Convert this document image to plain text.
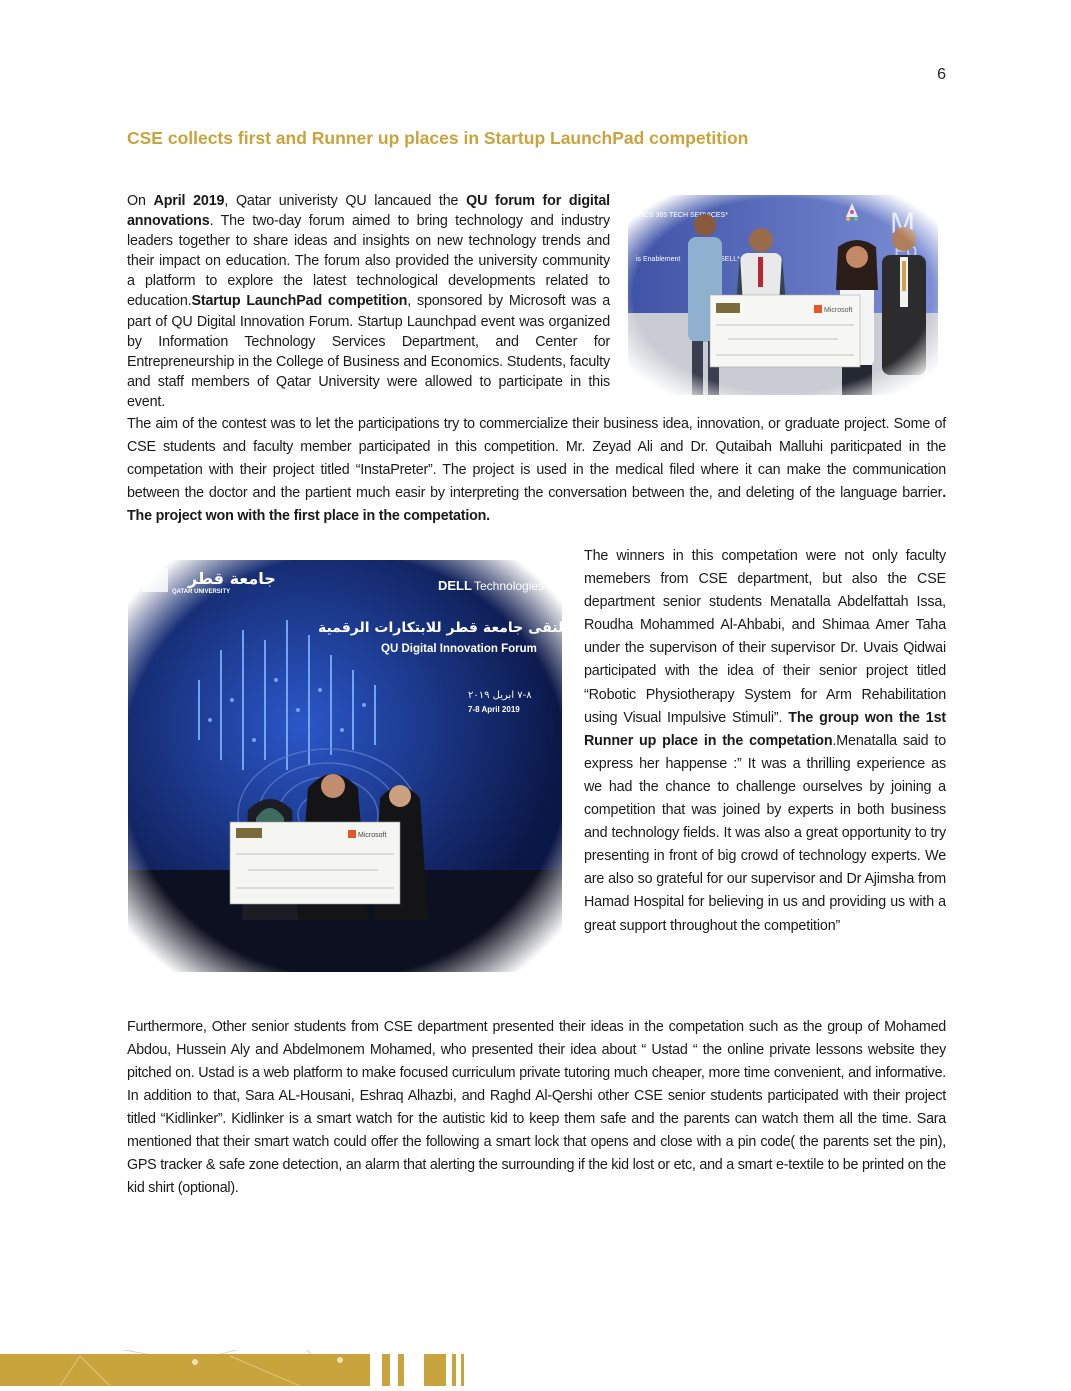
6
CSE collects first and Runner up places in Startup LaunchPad competition
On April 2019, Qatar univeristy QU lancaued the QU forum for digital annovations. The two-day forum aimed to bring technology and industry leaders together to share ideas and insights on new technology trends and their impact on education. The forum also provided the university community a platform to explore the latest technological developments related to education.Startup LaunchPad competition, sponsored by Microsoft was a part of QU Digital Innovation Forum. Startup Launchpad event was organized by Information Technology Services Department, and Center for Entrepreneurship in the College of Business and Economics. Students, faculty and staff members of Qatar University were allowed to participate in this event.
The aim of the contest was to let the participations try to commercialize their business idea, innovation, or graduate project. Some of CSE students and faculty member participated in this competition. Mr. Zeyad Ali and Dr. Qutaibah Malluhi pariticpated in the competation with their project titled “InstaPreter”. The project is used in the medical filed where it can make the communication between the doctor and the partient much easir by interpreting the conversation between the, and deleting of the language barrier. The project won with the first place in the competation.
The winners in this competation were not only faculty memebers from CSE department, but also the CSE department senior students Menatalla Abdelfattah Issa, Roudha Mohammed Al-Ahbabi, and Shimaa Amer Taha under the supervison of their supervisor Dr. Uvais Qidwai participated with the idea of their senior project titled “Robotic Physiotherapy System for Arm Rehabilitation using Visual Impulsive Stimuli”. The group won the 1st Runner up place in the competation.Menatalla said to express her happense :” It was a thrilling experience as we had the chance to challenge ourselves by joining a competition that was joined by experts in both business and technology fields. It was also a great opportunity to try presenting in front of big crowd of technology experts. We are also so grateful for our supervisor and Dr Ajimsha from Hamad Hospital for believing in us and providing us with a great support throughout the competition”
Furthermore, Other senior students from CSE department presented their ideas in the competation such as the group of Mohamed Abdou, Hussein Aly and Abdelmonem Mohamed, who presented their idea about “ Ustad “ the online private lessons website they pitched on. Ustad is a web platform to make focused curriculum private tutoring much cheaper, more time convenient, and informative. In addition to that, Sara AL-Housani, Eshraq Alhazbi, and Raghd Al-Qershi other CSE senior students participated with their project titled “Kidlinker”. Kidlinker is a smart watch for the autistic kid to keep them safe and the parents can watch them all the time. Sara mentioned that their smart watch could offer the following a smart lock that opens and close with a pin code( the parents set the pin), GPS tracker & safe zone detection, an alarm that alerting the surrounding if the kid lost or etc, and a smart e-textile to be printed on the kid shirt (optional).
